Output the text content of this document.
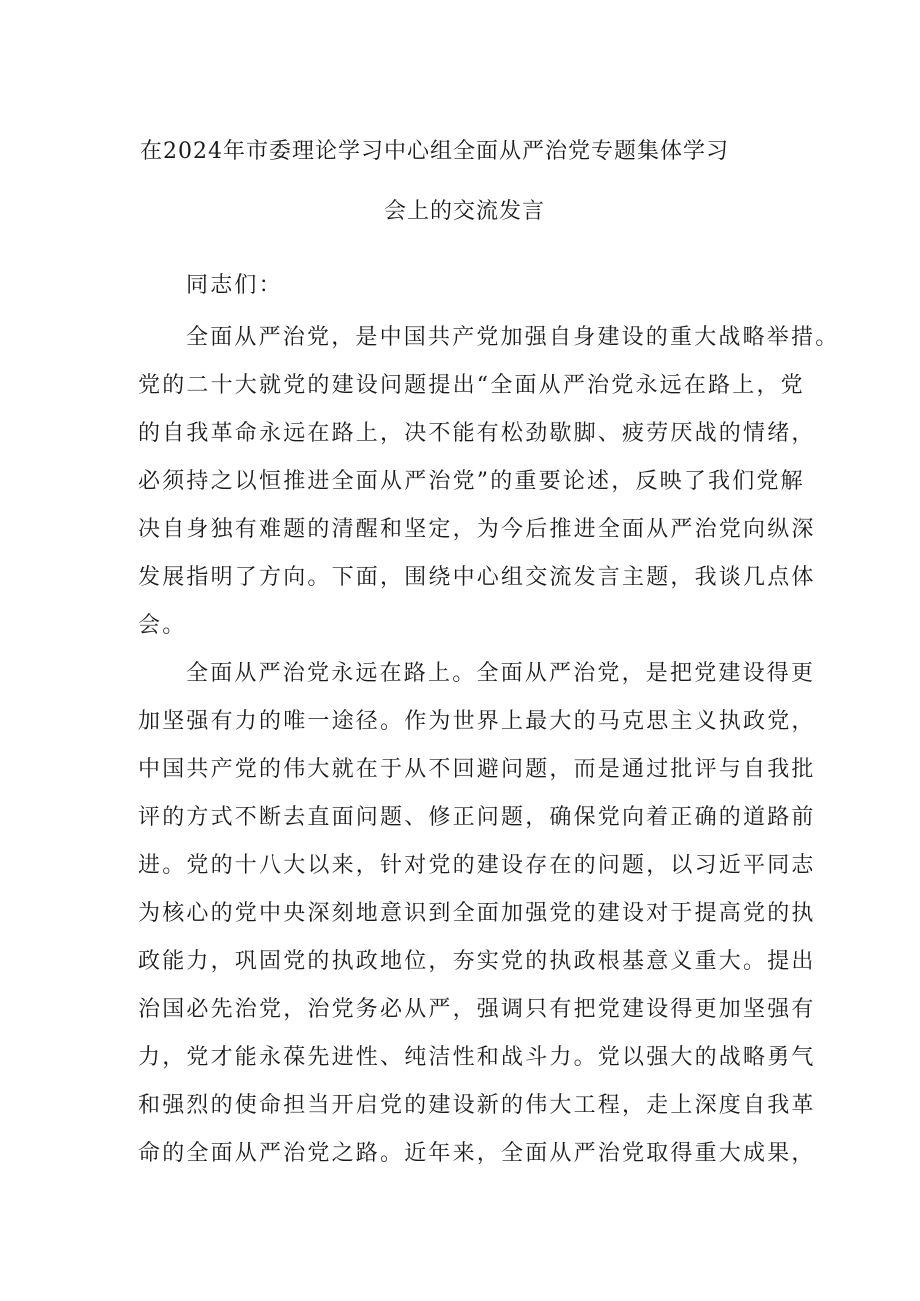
在2024年市委理论学习中心组全面从严治党专题集体学习
会上的交流发言
同志们：
全面从严治党，是中国共产党加强自身建设的重大战略举措。
党的二十大就党的建设问题提出“全面从严治党永远在路上，党
的自我革命永远在路上，决不能有松劲歇脚、疲劳厌战的情绪，
必须持之以恒推进全面从严治党”的重要论述，反映了我们党解
决自身独有难题的清醒和坚定，为今后推进全面从严治党向纵深
发展指明了方向。下面，围绕中心组交流发言主题，我谈几点体
会。
全面从严治党永远在路上。全面从严治党，是把党建设得更
加坚强有力的唯一途径。作为世界上最大的马克思主义执政党，
中国共产党的伟大就在于从不回避问题，而是通过批评与自我批
评的方式不断去直面问题、修正问题，确保党向着正确的道路前
进。党的十八大以来，针对党的建设存在的问题，以习近平同志
为核心的党中央深刻地意识到全面加强党的建设对于提高党的执
政能力，巩固党的执政地位，夯实党的执政根基意义重大。提出
治国必先治党，治党务必从严，强调只有把党建设得更加坚强有
力，党才能永葆先进性、纯洁性和战斗力。党以强大的战略勇气
和强烈的使命担当开启党的建设新的伟大工程，走上深度自我革
命的全面从严治党之路。近年来，全面从严治党取得重大成果，
